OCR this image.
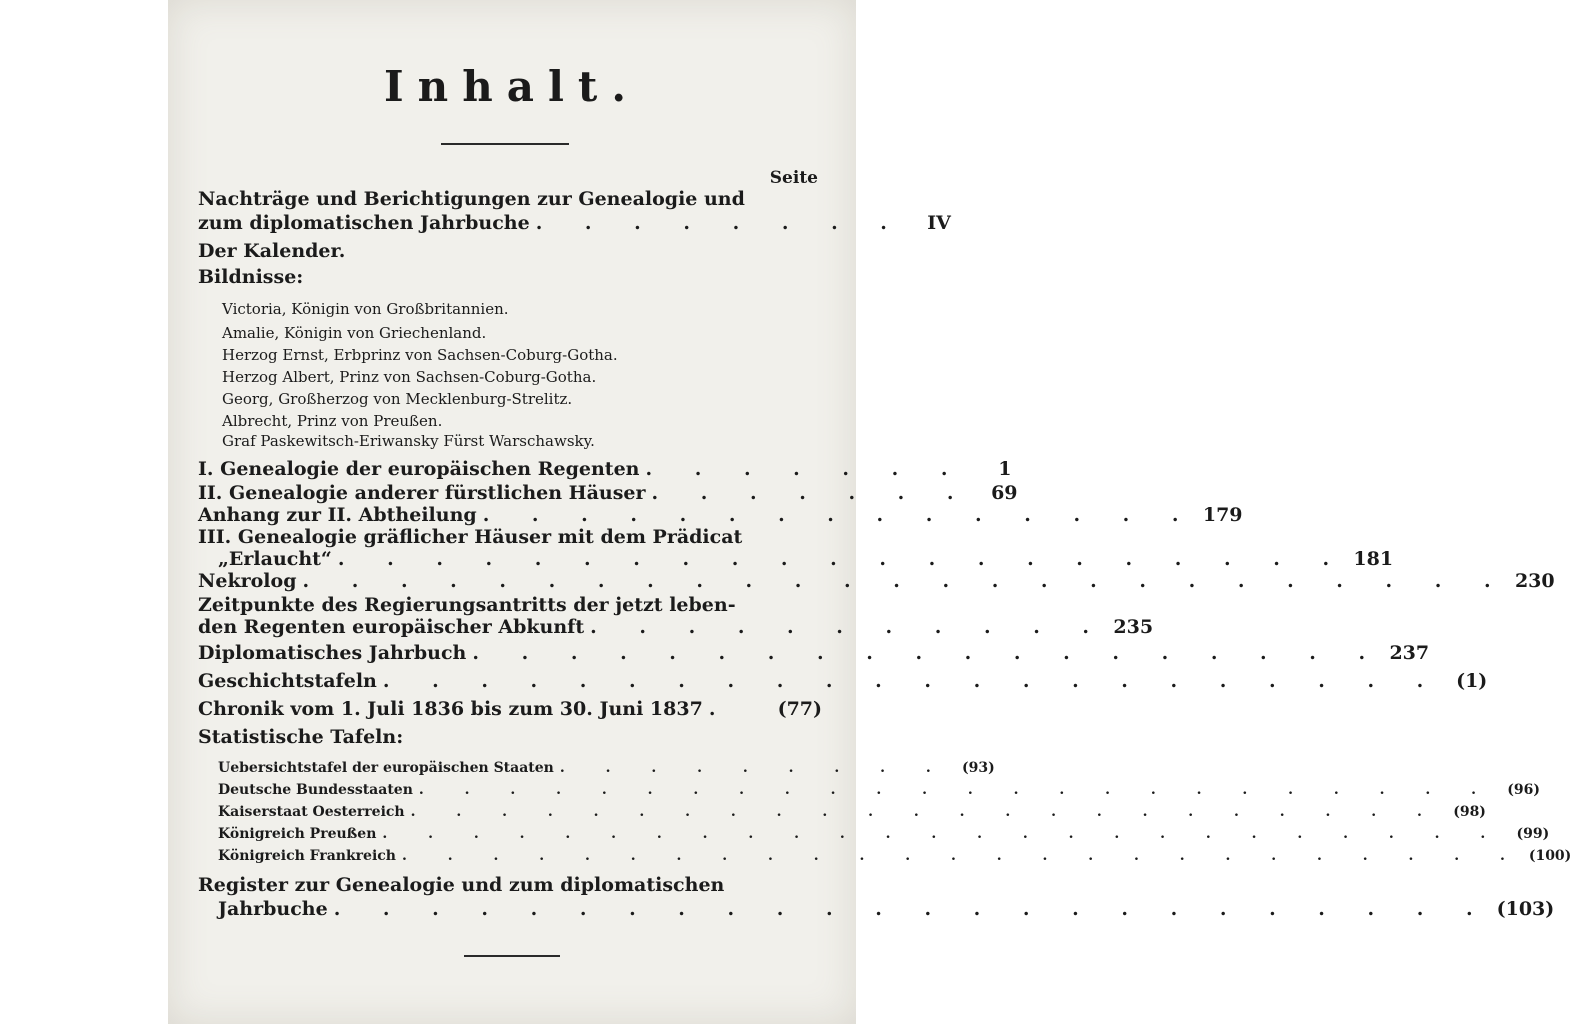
Inhalt.
Seite
Nachträge und Berichtigungen zur Genealogie und
zum diplomatischen Jahrbuche . . . . . . . .	IV
Der Kalender.
Bildnisse:
Victoria, Königin von Großbritannien.
Amalie, Königin von Griechenland.
Herzog Ernst, Erbprinz von Sachsen-Coburg-Gotha.
Herzog Albert, Prinz von Sachsen-Coburg-Gotha.
Georg, Großherzog von Mecklenburg-Strelitz.
Albrecht, Prinz von Preußen.
Graf Paskewitsch-Eriwansky Fürst Warschawsky.
I. Genealogie der europäischen Regenten . . . . . . .	1
II. Genealogie anderer fürstlichen Häuser . . . . . . .	69
Anhang zur II. Abtheilung . . . . . . . . . . . . . . . 179
III. Genealogie gräflicher Häuser mit dem Prädicat
„Erlaucht“ . . . . . . . . . . . . . . . . . . . . . 181
Nekrolog . . . . . . . . . . . . . . . . . . . . . . . . . 230
Zeitpunkte des Regierungsantritts der jetzt leben-
den Regenten europäischer Abkunft . . . . . . . . . . . 235
Diplomatisches Jahrbuch . . . . . . . . . . . . . . . . . . . 237
Geschichtstafeln . . . . . . . . . . . . . . . . . . . . . . (1)
Chronik vom 1. Juli 1836 bis zum 30. Juni 1837 .	(77)
Statistische Tafeln:
Uebersichtstafel der europäischen Staaten . . . . . . . . . (93)
Deutsche Bundesstaaten . . . . . . . . . . . . . . . . . . . . . . . . (96)
Kaiserstaat Oesterreich . . . . . . . . . . . . . . . . . . . . . . . (98)
Königreich Preußen . . . . . . . . . . . . . . . . . . . . . . . . . (99)
Königreich Frankreich . . . . . . . . . . . . . . . . . . . . . . . . . (100)
Register zur Genealogie und zum diplomatischen
Jahrbuche . . . . . . . . . . . . . . . . . . . . . . . . (103)
